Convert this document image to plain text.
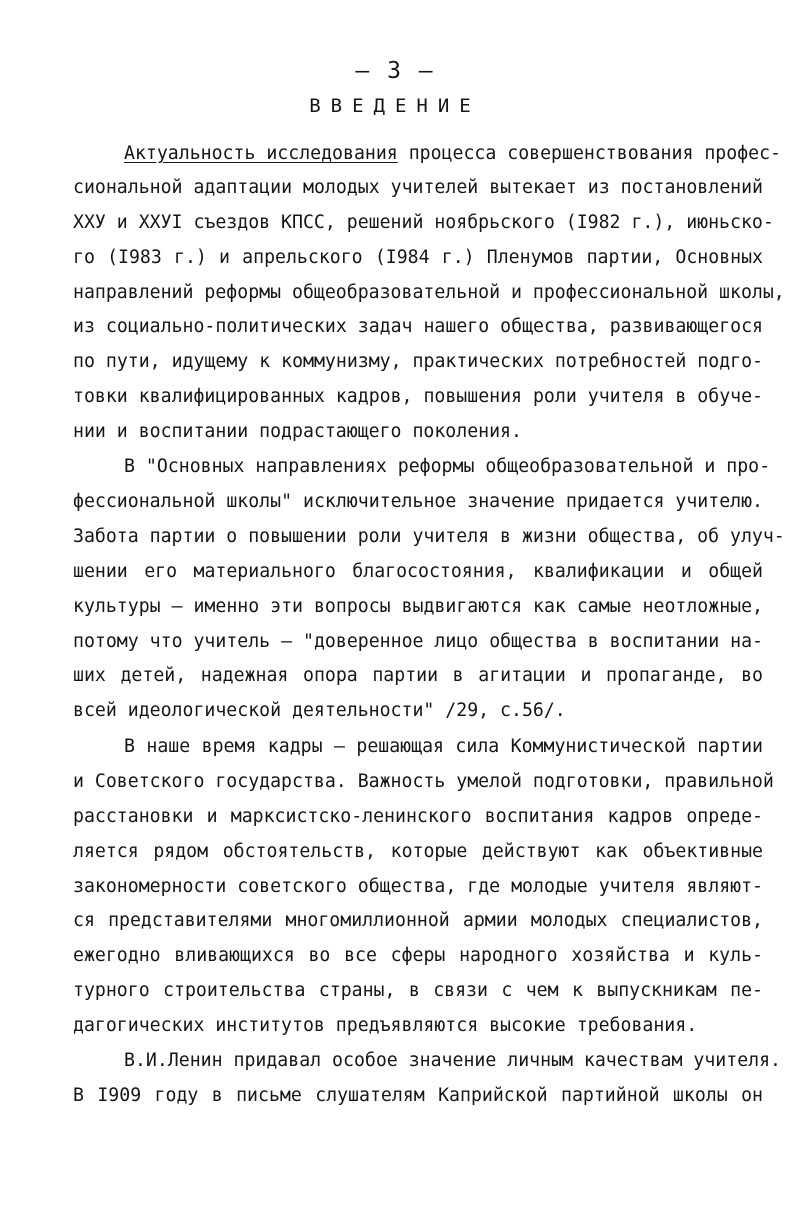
– 3 –
ВВЕДЕНИЕ
Актуальность исследования процесса совершенствования профес-
сиональной адаптации молодых учителей вытекает из постановлений
ХХУ и ХХУI съездов КПСС, решений ноябрьского (I982 г.), июньско-
го (I983 г.) и апрельского (I984 г.) Пленумов партии, Основных
направлений реформы общеобразовательной и профессиональной школы,
из социально-политических задач нашего общества, развивающегося
по пути, идущему к коммунизму, практических потребностей подго-
товки квалифицированных кадров, повышения роли учителя в обуче-
нии и воспитании подрастающего поколения.
В "Основных направлениях реформы общеобразовательной и про-
фессиональной школы" исключительное значение придается учителю.
Забота партии о повышении роли учителя в жизни общества, об улуч-
шении его материального благосостояния, квалификации и общей
культуры – именно эти вопросы выдвигаются как самые неотложные,
потому что учитель – "доверенное лицо общества в воспитании на-
ших детей, надежная опора партии в агитации и пропаганде, во
всей идеологической деятельности" /29, с.56/.
В наше время кадры – решающая сила Коммунистической партии
и Советского государства. Важность умелой подготовки, правильной
расстановки и марксистско-ленинского воспитания кадров опреде-
ляется рядом обстоятельств, которые действуют как объективные
закономерности советского общества, где молодые учителя являют-
ся представителями многомиллионной армии молодых специалистов,
ежегодно вливающихся во все сферы народного хозяйства и куль-
турного строительства страны, в связи с чем к выпускникам пе-
дагогических институтов предъявляются высокие требования.
В.И.Ленин придавал особое значение личным качествам учителя.
В I909 году в письме слушателям Каприйской партийной школы он
